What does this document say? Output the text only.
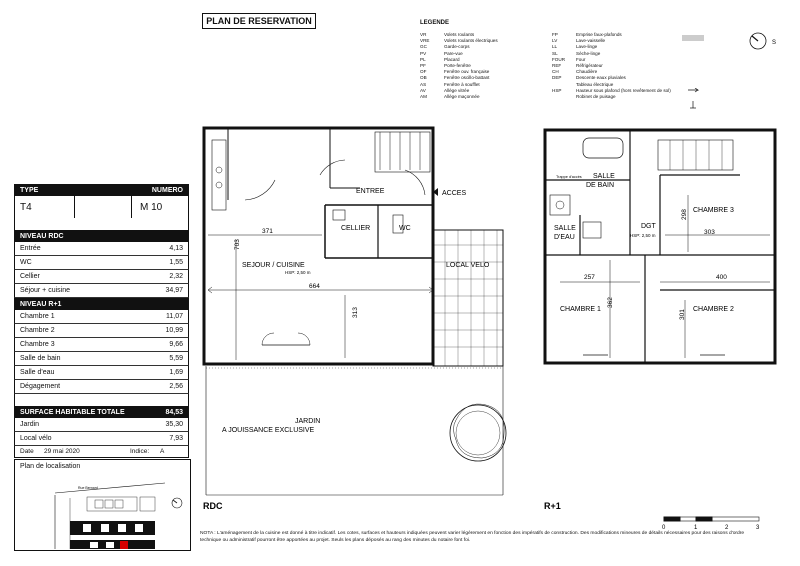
PLAN DE RESERVATION	LEGENDE
VR	Volets roulants
VRE	Volets roulants électriques
GC	Garde-corps
PV	Pare-vue
PL	Placard
PF	Porte-fenêtre
OF	Fenêtre ouv. française
OB	Fenêtre oscillo-battant
AS	Fenêtre à soufflet
AV	Allège vitrée
AM	Allège maçonnée
FP	Emprise faux-plafonds
LV	Lave-vaisselle
LL	Lave-linge
SL	Sèche-linge
FOUR	Four
REF	Réfrigérateur
CH	Chaudière
DEP	Descente eaux pluviales
Tableau électrique
HSP	Hauteur sous plafond (hors revêtement de sol)
Robinet de puisage
S
TYPE	NUMERO
T4	M 10
NIVEAU RDC
Entrée	4,13
WC	1,55
Cellier	2,32
Séjour + cuisine	34,97
NIVEAU R+1
Chambre 1	11,07
Chambre 2	10,99
Chambre 3	9,66
Salle de bain	5,59
Salle d'eau	1,69
Dégagement	2,56
SURFACE HABITABLE TOTALE	84,53
Jardin	35,30
Local vélo	7,93
Date	29 mai 2020	Indice:	A
Plan de localisation
Rue Bernard
ENTREE
CELLIER	WC
SEJOUR / CUISINE
HSP: 2,50 m
LOCAL VELO
JARDIN
A JOUISSANCE EXCLUSIVE
ACCES
371
664
703
313
RDC
SALLE
DE BAIN
SALLE
D'EAU
Trappe d'accès
DGT
HSP: 2,50 m
CHAMBRE 1	CHAMBRE 2
CHAMBRE 3
303
257	400
298
362
301
R+1
0	1	2	3
NOTA : L'aménagement de la cuisine est donné à titre indicatif. Les cotes, surfaces et hauteurs indiquées peuvent varier légèrement en fonction des impératifs de construction. Des modifications mineures de détails nécessaires pour des raisons d'ordre technique ou administratif pourront être apportées au projet. Seuls les plans déposés au rang des minutes du notaire font foi.
